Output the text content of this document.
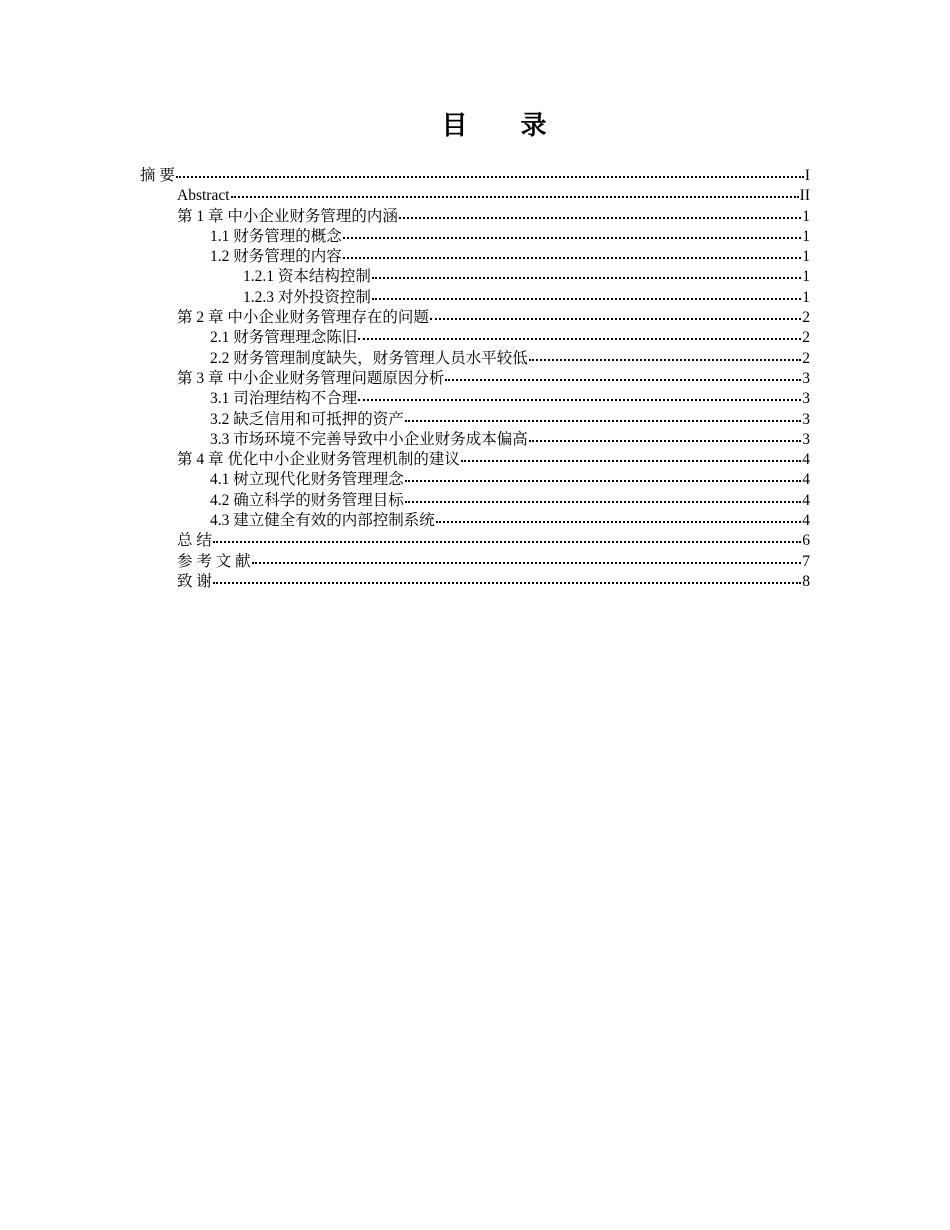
目 录
摘 要	I
Abstract	II
第 1 章 中小企业财务管理的内涵	1
1.1 财务管理的概念	1
1.2 财务管理的内容	1
1.2.1 资本结构控制	1
1.2.3 对外投资控制	1
第 2 章 中小企业财务管理存在的问题	2
2.1 财务管理理念陈旧	2
2.2 财务管理制度缺失，财务管理人员水平较低	2
第 3 章 中小企业财务管理问题原因分析	3
3.1 司治理结构不合理	3
3.2 缺乏信用和可抵押的资产	3
3.3 市场环境不完善导致中小企业财务成本偏高	3
第 4 章 优化中小企业财务管理机制的建议	4
4.1 树立现代化财务管理理念	4
4.2 确立科学的财务管理目标	4
4.3 建立健全有效的内部控制系统	4
总 结	6
参 考 文 献	7
致 谢	8
